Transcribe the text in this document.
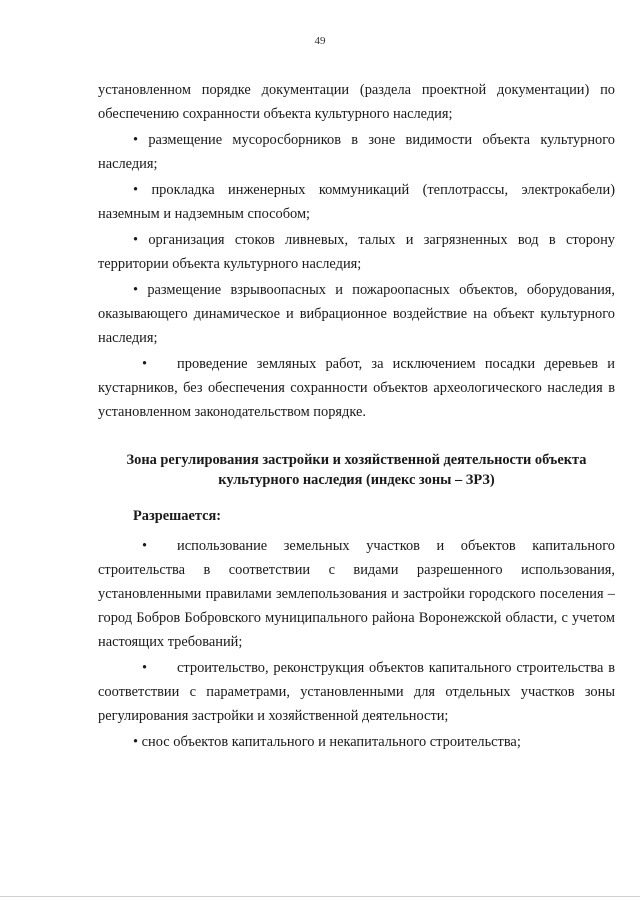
49

установленном порядке документации (раздела проектной документации) по обеспечению сохранности объекта культурного наследия;

• размещение мусоросборников в зоне видимости объекта культурного наследия;

• прокладка инженерных коммуникаций (теплотрассы, электрокабели) наземным и надземным способом;

• организация стоков ливневых, талых и загрязненных вод в сторону территории объекта культурного наследия;

• размещение взрывоопасных и пожароопасных объектов, оборудования, оказывающего динамическое и вибрационное воздействие на объект культурного наследия;

• проведение земляных работ, за исключением посадки деревьев и кустарников, без обеспечения сохранности объектов археологического наследия в установленном законодательством порядке.

Зона регулирования застройки и хозяйственной деятельности объекта культурного наследия (индекс зоны – ЗРЗ)

Разрешается:

• использование земельных участков и объектов капитального строительства в соответствии с видами разрешенного использования, установленными правилами землепользования и застройки городского поселения – город Бобров Бобровского муниципального района Воронежской области, с учетом настоящих требований;

• строительство, реконструкция объектов капитального строительства в соответствии с параметрами, установленными для отдельных участков зоны регулирования застройки и хозяйственной деятельности;

• снос объектов капитального и некапитального строительства;
